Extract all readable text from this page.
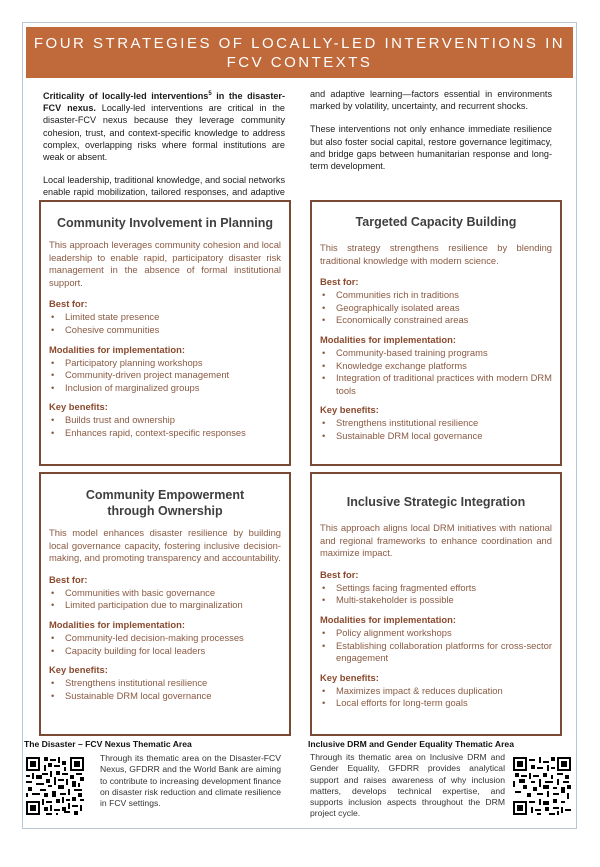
FOUR STRATEGIES OF LOCALLY-LED INTERVENTIONS IN FCV CONTEXTS

Criticality of locally-led interventions$^5$ in the disaster-FCV nexus. Locally-led interventions are critical in the disaster-FCV nexus because they leverage community cohesion, trust, and context-specific knowledge to address complex, overlapping risks where formal institutions are weak or absent.

Local leadership, traditional knowledge, and social networks enable rapid mobilization, tailored responses, and adaptive

and adaptive learning—factors essential in environments marked by volatility, uncertainty, and recurrent shocks.

These interventions not only enhance immediate resilience but also foster social capital, restore governance legitimacy, and bridge gaps between humanitarian response and long-term development.

Community Involvement in Planning
This approach leverages community cohesion and local leadership to enable rapid, participatory disaster risk management in the absence of formal institutional support.
Best for:
• Limited state presence
• Cohesive communities
Modalities for implementation:
• Participatory planning workshops
• Community-driven project management
• Inclusion of marginalized groups
Key benefits:
• Builds trust and ownership
• Enhances rapid, context-specific responses
Targeted Capacity Building
This strategy strengthens resilience by blending traditional knowledge with modern science.
Best for:
• Communities rich in traditions
• Geographically isolated areas
• Economically constrained areas
Modalities for implementation:
• Community-based training programs
• Knowledge exchange platforms
• Integration of traditional practices with modern DRM tools
Key benefits:
• Strengthens institutional resilience
• Sustainable DRM local governance
Community Empowerment through Ownership
This model enhances disaster resilience by building local governance capacity, fostering inclusive decision-making, and promoting transparency and accountability.
Best for:
• Communities with basic governance
• Limited participation due to marginalization
Modalities for implementation:
• Community-led decision-making processes
• Capacity building for local leaders
Key benefits:
• Strengthens institutional resilience
• Sustainable DRM local governance
Inclusive Strategic Integration
This approach aligns local DRM initiatives with national and regional frameworks to enhance coordination and maximize impact.
Best for:
• Settings facing fragmented efforts
• Multi-stakeholder is possible
Modalities for implementation:
• Policy alignment workshops
• Establishing collaboration platforms for cross-sector engagement
Key benefits:
• Maximizes impact & reduces duplication
• Local efforts for long-term goals
The Disaster – FCV Nexus Thematic Area
Through its thematic area on the Disaster-FCV Nexus, GFDRR and the World Bank are aiming to contribute to increasing development finance on disaster risk reduction and climate resilience in FCV settings.
Inclusive DRM and Gender Equality Thematic Area
Through its thematic area on Inclusive DRM and Gender Equality, GFDRR provides analytical support and raises awareness of why inclusion matters, develops technical expertise, and supports inclusion aspects throughout the DRM project cycle.
